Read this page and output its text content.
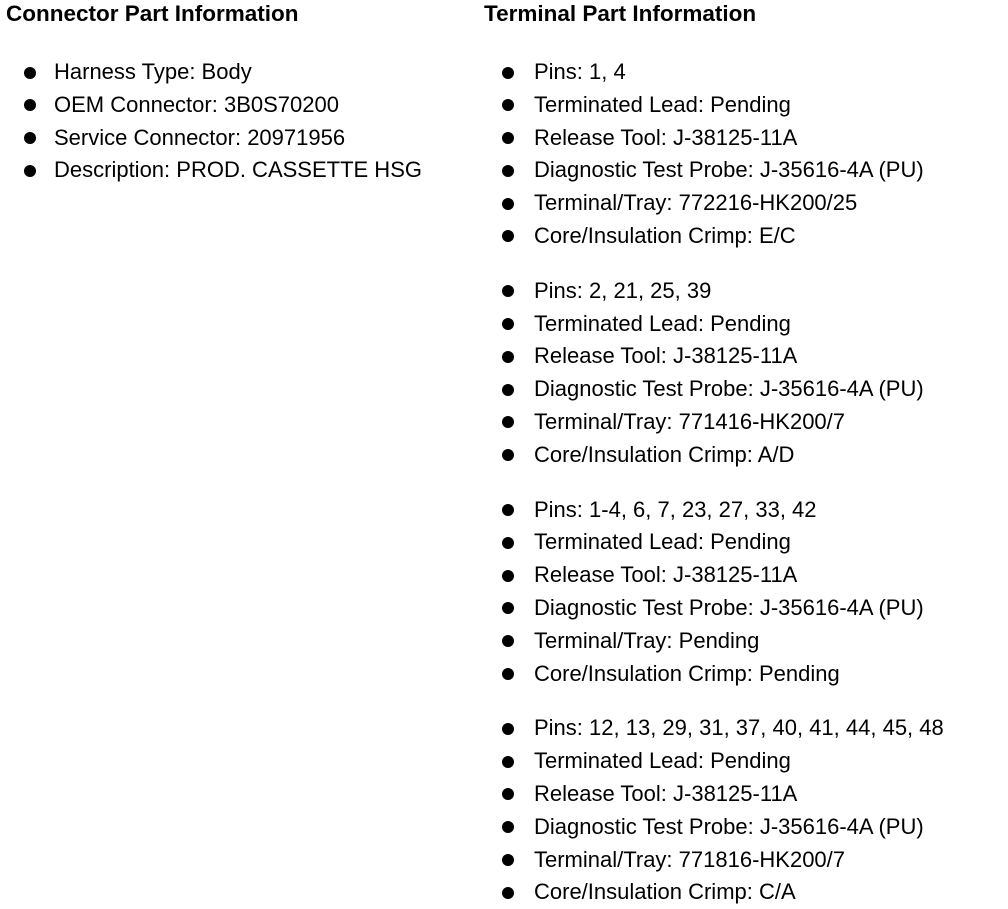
Connector Part Information
Harness Type: Body
OEM Connector: 3B0S70200
Service Connector: 20971956
Description: PROD. CASSETTE HSG
Terminal Part Information
Pins: 1, 4
Terminated Lead: Pending
Release Tool: J-38125-11A
Diagnostic Test Probe: J-35616-4A (PU)
Terminal/Tray: 772216-HK200/25
Core/Insulation Crimp: E/C
Pins: 2, 21, 25, 39
Terminated Lead: Pending
Release Tool: J-38125-11A
Diagnostic Test Probe: J-35616-4A (PU)
Terminal/Tray: 771416-HK200/7
Core/Insulation Crimp: A/D
Pins: 1-4, 6, 7, 23, 27, 33, 42
Terminated Lead: Pending
Release Tool: J-38125-11A
Diagnostic Test Probe: J-35616-4A (PU)
Terminal/Tray: Pending
Core/Insulation Crimp: Pending
Pins: 12, 13, 29, 31, 37, 40, 41, 44, 45, 48
Terminated Lead: Pending
Release Tool: J-38125-11A
Diagnostic Test Probe: J-35616-4A (PU)
Terminal/Tray: 771816-HK200/7
Core/Insulation Crimp: C/A
